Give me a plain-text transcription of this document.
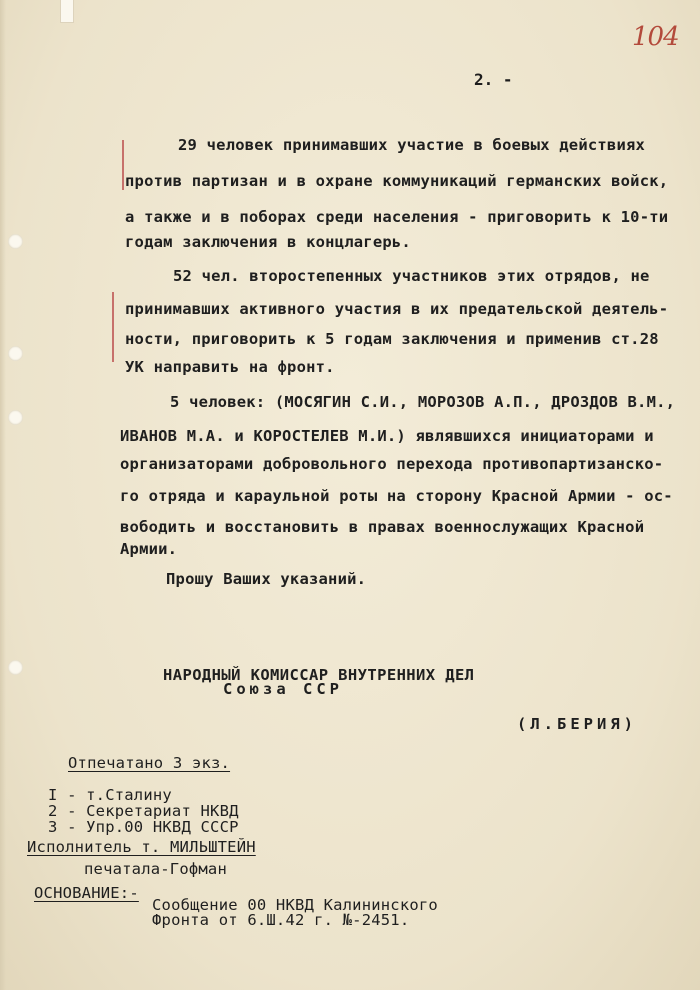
104
2. -
29 человек принимавших участие в боевых действиях
против партизан и в охране коммуникаций германских войск,
а также и в поборах среди населения - приговорить к 10-ти
годам заключения в концлагерь.
52 чел. второстепенных участников этих отрядов, не
принимавших активного участия в их предательской деятель-
ности, приговорить к 5 годам заключения и применив ст.28
УК направить на фронт.
5 человек: (МОСЯГИН С.И., МОРОЗОВ А.П., ДРОЗДОВ В.М.,
ИВАНОВ М.А. и КОРОСТЕЛЕВ М.И.) являвшихся инициаторами и
организаторами добровольного перехода противопартизанско-
го отряда и караульной роты на сторону Красной Армии - ос-
вободить и восстановить в правах военнослужащих Красной
Армии.
Прошу Ваших указаний.
НАРОДНЫЙ КОМИССАР ВНУТРЕННИХ ДЕЛ
Союза ССР
(Л.БЕРИЯ)
Отпечатано 3 экз.
I - т.Сталину
2 - Секретариат НКВД
3 - Упр.00 НКВД СССР
Исполнитель т. МИЛЬШТЕЙН
печатала-Гофман
ОСНОВАНИЕ:-
Сообщение 00 НКВД Калининского
Фронта от 6.Ш.42 г. №-2451.
